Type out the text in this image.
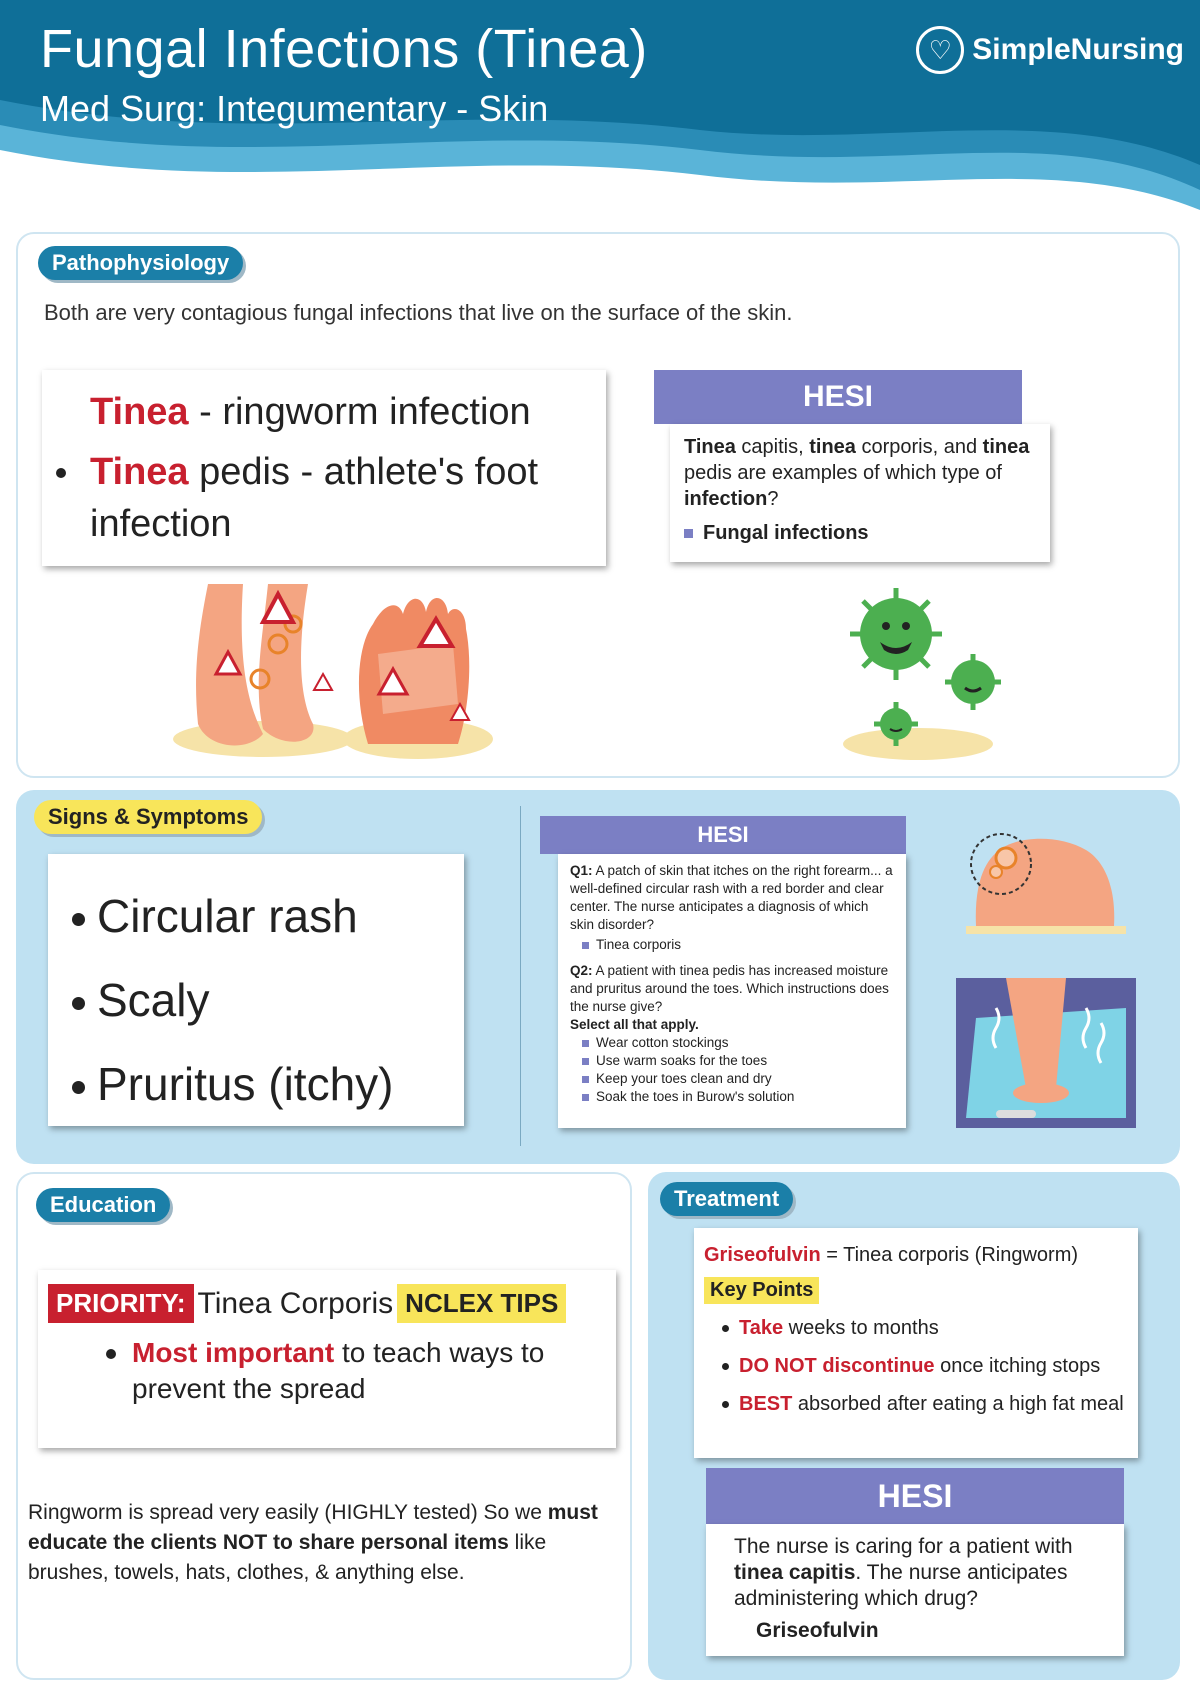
Fungal Infections (Tinea)
Med Surg: Integumentary - Skin
♡ SimpleNursing
Pathophysiology
Both are very contagious fungal infections that live on the surface of the skin.
Tinea - ringworm infection
Tinea pedis - athlete's foot infection
HESI
Tinea capitis, tinea corporis, and tinea pedis are examples of which type of infection?
Fungal infections
Signs & Symptoms
Circular rash
Scaly
Pruritus (itchy)
HESI
Q1: A patch of skin that itches on the right forearm... a well-defined circular rash with a red border and clear center. The nurse anticipates a diagnosis of which skin disorder?
Tinea corporis
Q2: A patient with tinea pedis has increased moisture and pruritus around the toes. Which instructions does the nurse give?
Select all that apply.
Wear cotton stockings
Use warm soaks for the toes
Keep your toes clean and dry
Soak the toes in Burow's solution
Education
PRIORITY: Tinea Corporis NCLEX TIPS
Most important to teach ways to prevent the spread
Ringworm is spread very easily (HIGHLY tested) So we must educate the clients NOT to share personal items like brushes, towels, hats, clothes, & anything else.
Treatment
Griseofulvin = Tinea corporis (Ringworm)
Key Points
Take weeks to months
DO NOT discontinue once itching stops
BEST absorbed after eating a high fat meal
HESI
The nurse is caring for a patient with tinea capitis. The nurse anticipates administering which drug?
Griseofulvin
